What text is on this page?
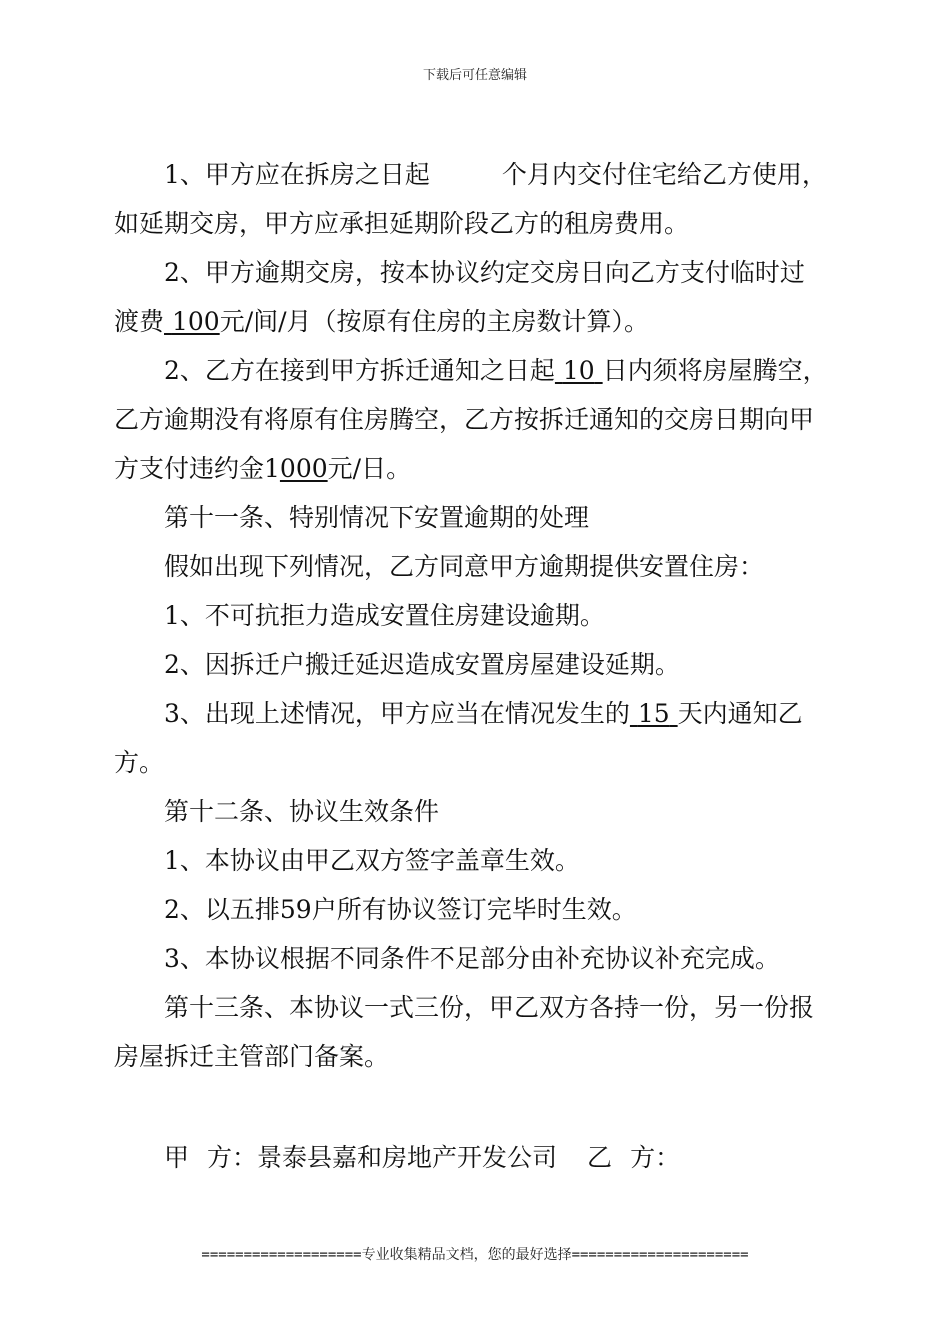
下载后可任意编辑

1、甲方应在拆房之日起	个月内交付住宅给乙方使用，

如延期交房，甲方应承担延期阶段乙方的租房费用。

2、甲方逾期交房，按本协议约定交房日向乙方支付临时过

渡费 100元/间/月（按原有住房的主房数计算）。

2、乙方在接到甲方拆迁通知之日起 10 日内须将房屋腾空，

乙方逾期没有将原有住房腾空，乙方按拆迁通知的交房日期向甲

方支付违约金1000元/日。

第十一条、特别情况下安置逾期的处理

假如出现下列情况，乙方同意甲方逾期提供安置住房：

1、不可抗拒力造成安置住房建设逾期。

2、因拆迁户搬迁延迟造成安置房屋建设延期。

3、出现上述情况，甲方应当在情况发生的 15 天内通知乙

方。

第十二条、协议生效条件

1、本协议由甲乙双方签字盖章生效。

2、以五排59户所有协议签订完毕时生效。

3、本协议根据不同条件不足部分由补充协议补充完成。

第十三条、本协议一式三份，甲乙双方各持一份，另一份报

房屋拆迁主管部门备案。

甲 方：景泰县嘉和房地产开发公司 乙 方：

===================专业收集精品文档，您的最好选择=====================
